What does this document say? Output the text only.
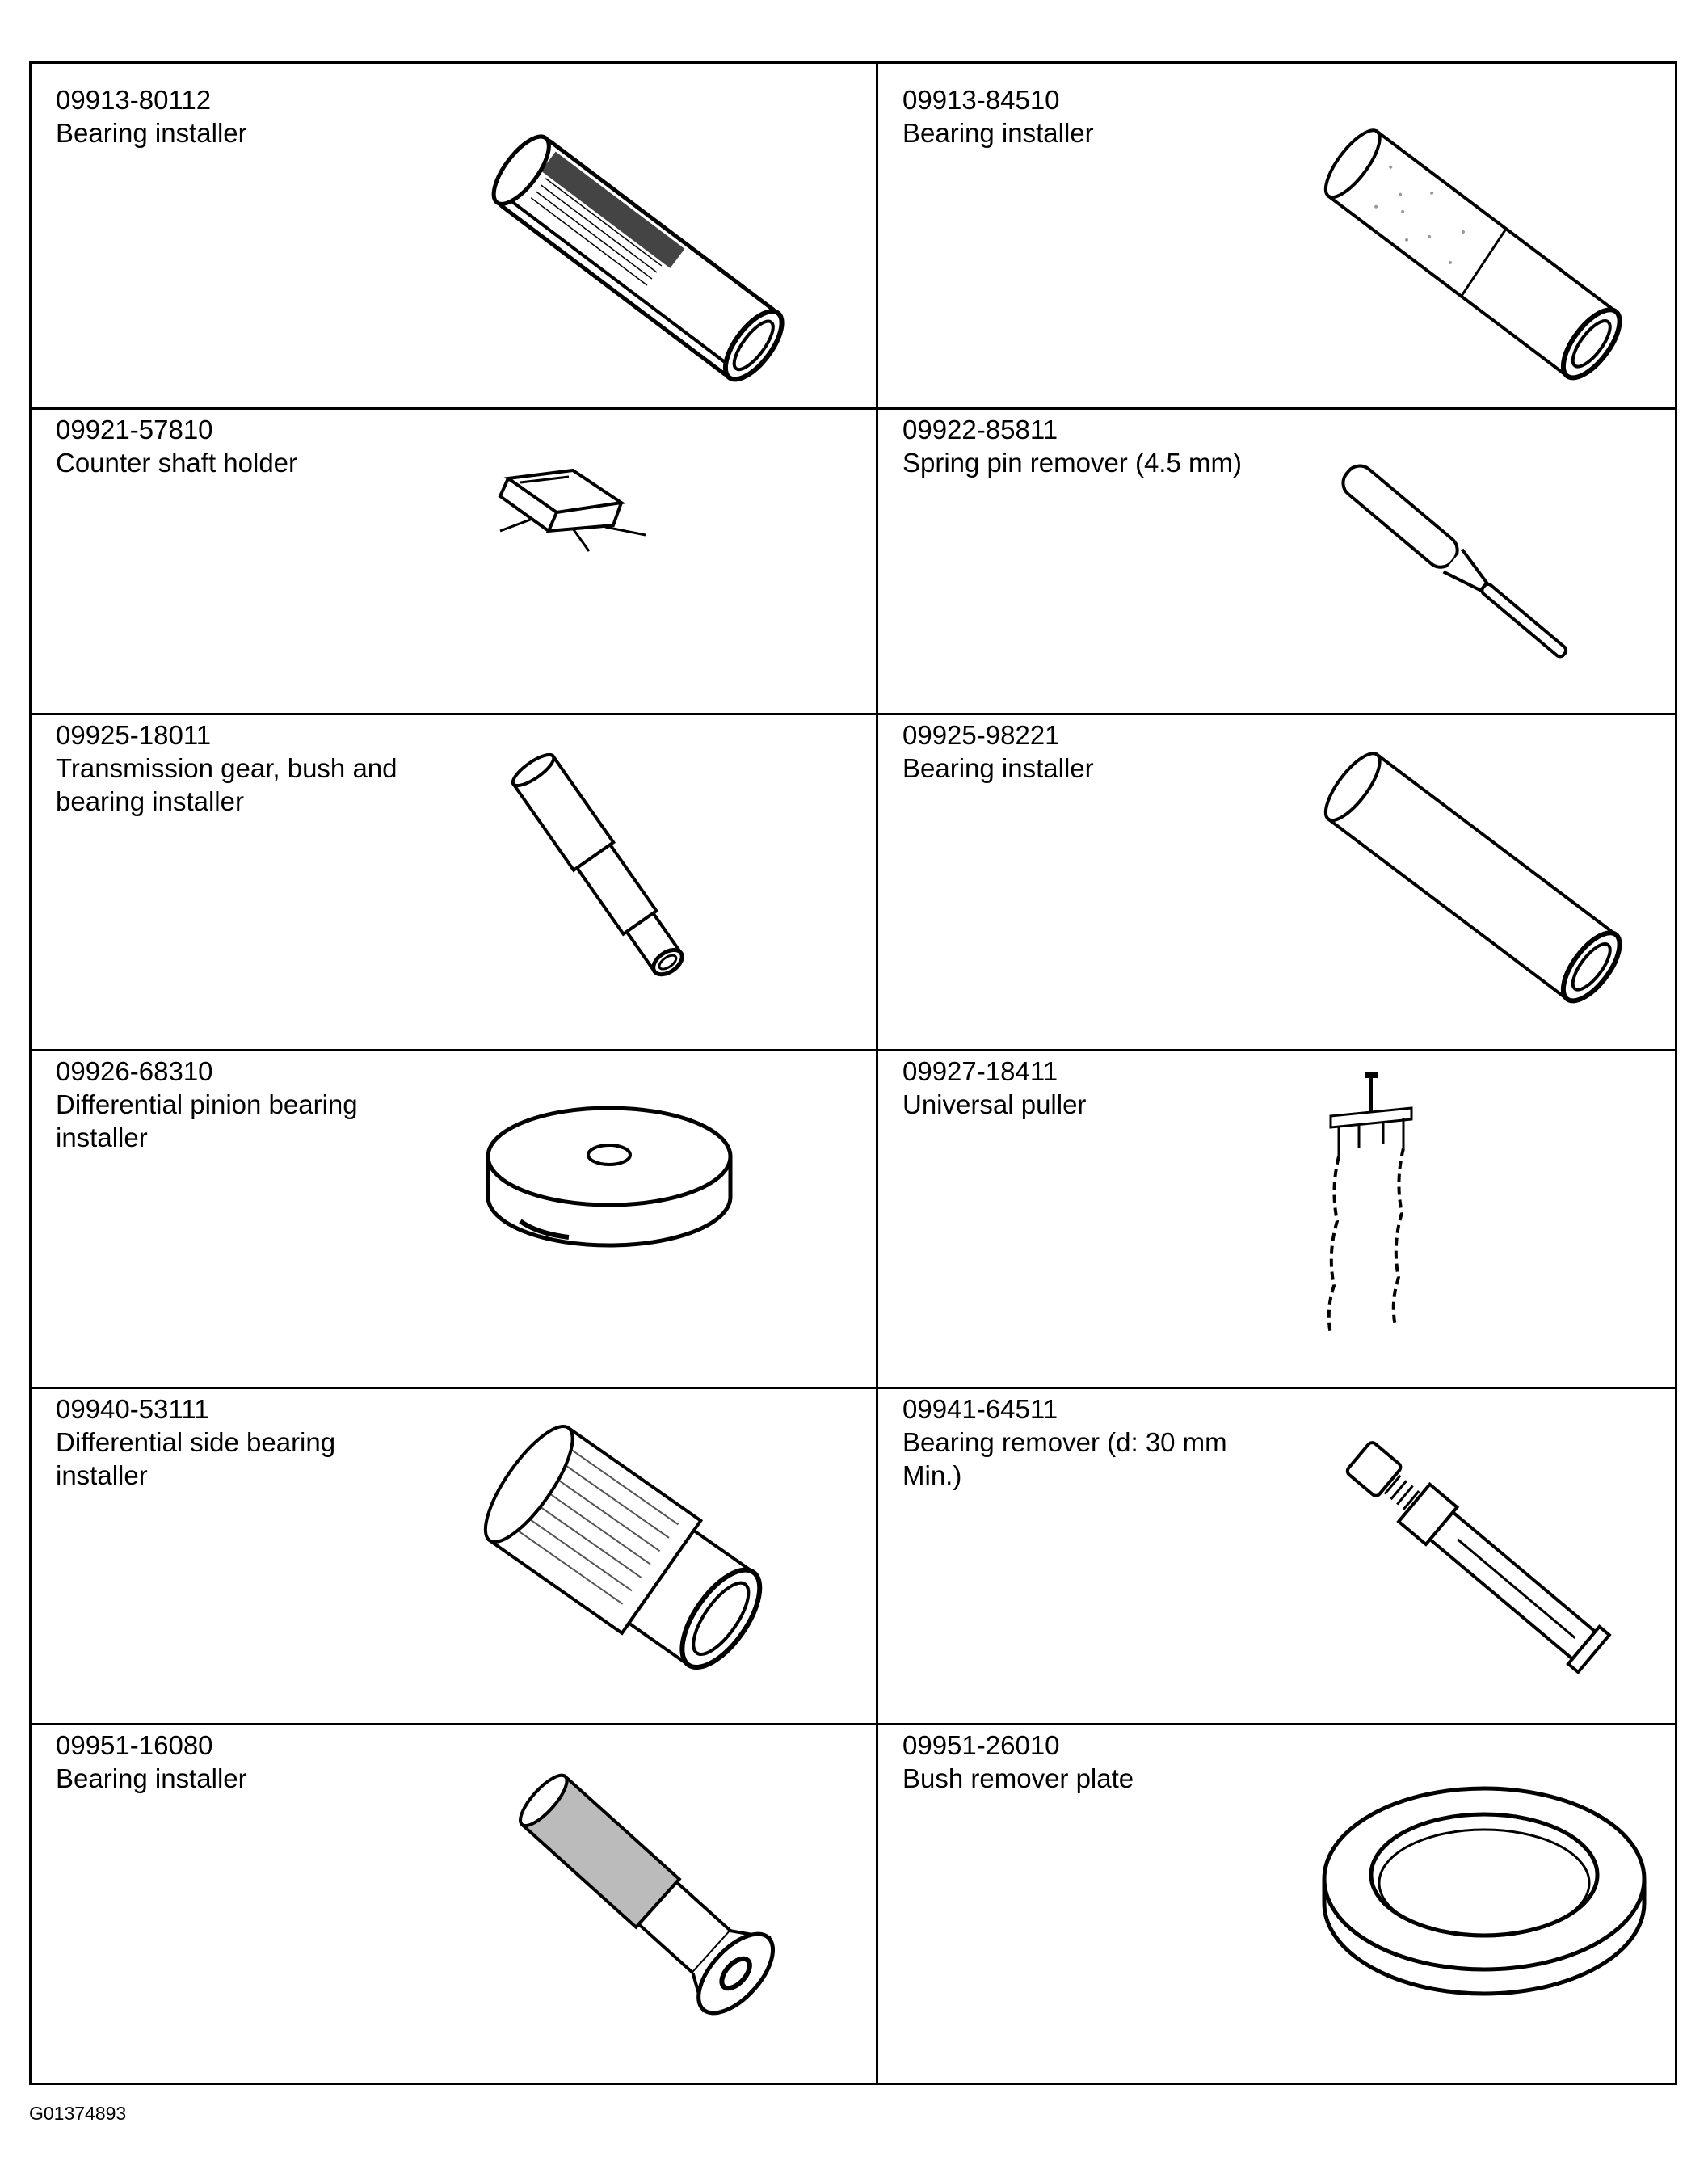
09913-80112
Bearing installer
09913-84510
Bearing installer
09921-57810
Counter shaft holder
09922-85811
Spring pin remover (4.5 mm)
09925-18011
Transmission gear, bush and
bearing installer
09925-98221
Bearing installer
09926-68310
Differential pinion bearing
installer
09927-18411
Universal puller
09940-53111
Differential side bearing
installer
09941-64511
Bearing remover (d: 30 mm
Min.)
09951-16080
Bearing installer
09951-26010
Bush remover plate
G01374893
